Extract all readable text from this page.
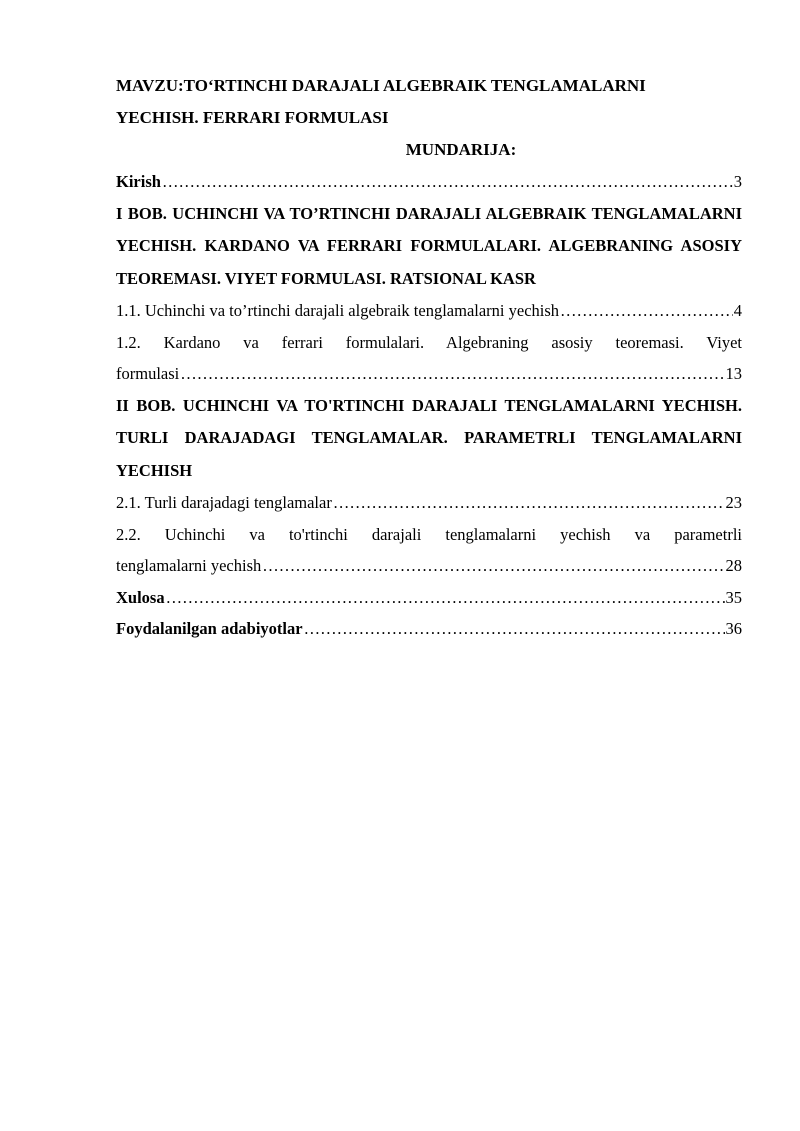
MAVZU:TO‘RTINCHI DARAJALI ALGEBRAIK TENGLAMALARNI

YECHISH. FERRARI FORMULASI

MUNDARIJA:

Kirish ……………………………………………………………………………………………………………………………………………………………	3

I BOB. UCHINCHI VA TO’RTINCHI DARAJALI ALGEBRAIK TENGLAMALARNI YECHISH. KARDANO VA FERRARI FORMULALARI. ALGEBRANING ASOSIY TEOREMASI. VIYET FORMULASI. RATSIONAL KASR

1.1. Uchinchi va to’rtinchi darajali algebraik tenglamalarni yechish ……………………………………………………………………………………………………………………………………………………………	4

1.2. Kardano va ferrari formulalari. Algebraning asosiy teoremasi. Viyet

formulasi ……………………………………………………………………………………………………………………………………………………………	13

II BOB. UCHINCHI VA TO'RTINCHI DARAJALI TENGLAMALARNI YECHISH. TURLI DARAJADAGI TENGLAMALAR. PARAMETRLI TENGLAMALARNI YECHISH

2.1. Turli darajadagi tenglamalar ……………………………………………………………………………………………………………………………………………………………	23

2.2. Uchinchi va to'rtinchi darajali tenglamalarni yechish va parametrli

tenglamalarni yechish ……………………………………………………………………………………………………………………………………………………………	28
Xulosa ……………………………………………………………………………………………………………………………………………………………	35
Foydalanilgan adabiyotlar ……………………………………………………………………………………………………………………………………………………………	36
